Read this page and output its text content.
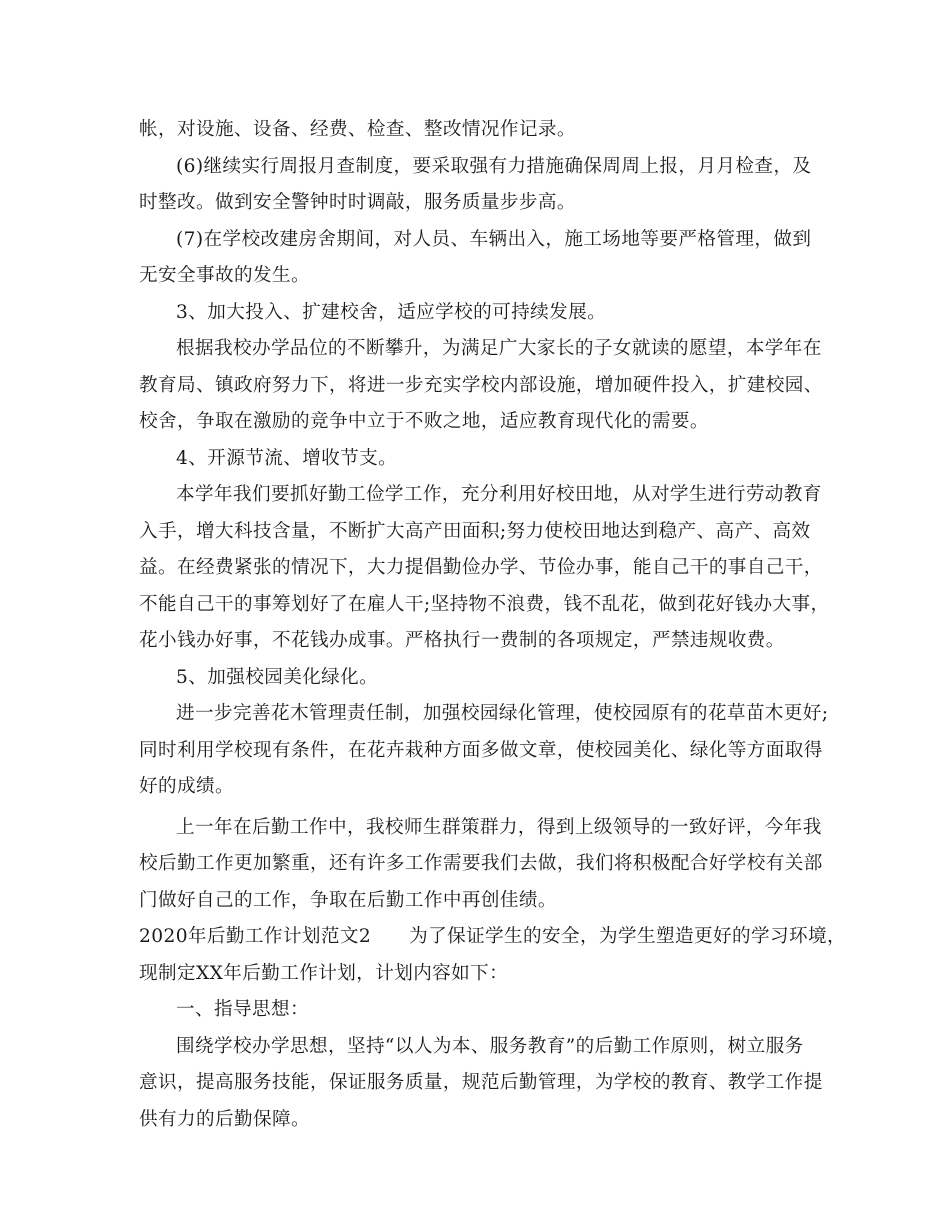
帐，对设施、设备、经费、检查、整改情况作记录。
(6)继续实行周报月查制度，要采取强有力措施确保周周上报，月月检查，及
时整改。做到安全警钟时时调敲，服务质量步步高。
(7)在学校改建房舍期间，对人员、车辆出入，施工场地等要严格管理，做到
无安全事故的发生。
3、加大投入、扩建校舍，适应学校的可持续发展。
根据我校办学品位的不断攀升，为满足广大家长的子女就读的愿望，本学年在
教育局、镇政府努力下，将进一步充实学校内部设施，增加硬件投入，扩建校园、
校舍，争取在激励的竞争中立于不败之地，适应教育现代化的需要。
4、开源节流、增收节支。
本学年我们要抓好勤工俭学工作，充分利用好校田地，从对学生进行劳动教育
入手，增大科技含量，不断扩大高产田面积;努力使校田地达到稳产、高产、高效
益。在经费紧张的情况下，大力提倡勤俭办学、节俭办事，能自己干的事自己干，
不能自己干的事筹划好了在雇人干;坚持物不浪费，钱不乱花，做到花好钱办大事，
花小钱办好事，不花钱办成事。严格执行一费制的各项规定，严禁违规收费。
5、加强校园美化绿化。
进一步完善花木管理责任制，加强校园绿化管理，使校园原有的花草苗木更好;
同时利用学校现有条件，在花卉栽种方面多做文章，使校园美化、绿化等方面取得
好的成绩。
上一年在后勤工作中，我校师生群策群力，得到上级领导的一致好评，今年我
校后勤工作更加繁重，还有许多工作需要我们去做，我们将积极配合好学校有关部
门做好自己的工作，争取在后勤工作中再创佳绩。
2020年后勤工作计划范文2　　为了保证学生的安全，为学生塑造更好的学习环境，
现制定XX年后勤工作计划，计划内容如下：
一、指导思想：
围绕学校办学思想，坚持“以人为本、服务教育”的后勤工作原则，树立服务
意识，提高服务技能，保证服务质量，规范后勤管理，为学校的教育、教学工作提
供有力的后勤保障。
